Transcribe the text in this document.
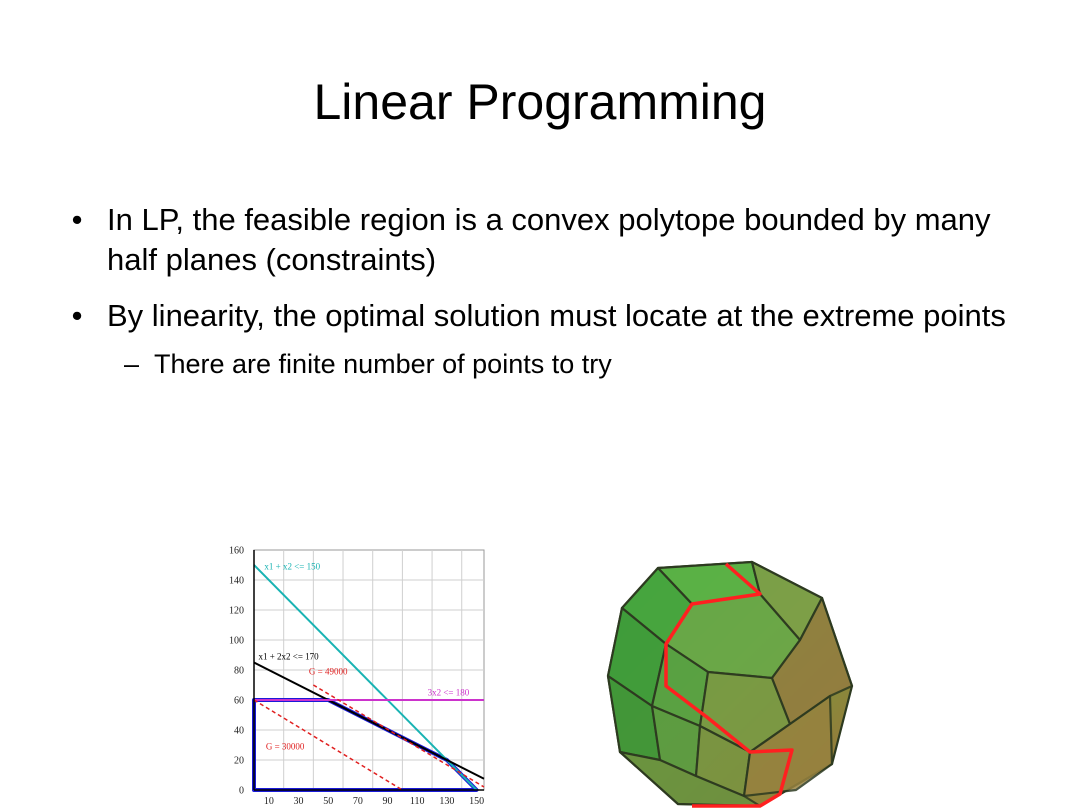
Linear Programming
• In LP, the feasible region is a convex polytope bounded by many half planes (constraints)
• By linearity, the optimal solution must locate at the extreme points
– There are finite number of points to try
0
20
40
60
80
100
120
140
160
10 30 50 70 90 110 130 150
x1 + x2 <= 150
x1 + 2x2 <= 170
G = 49000
3x2 <= 180
G = 30000
